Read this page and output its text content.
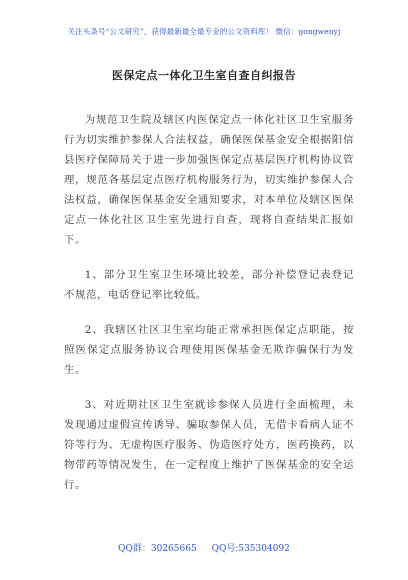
关注头条号“公文研究”，获得最新最全最专业的公文资料库！ 微信：gongwenyj
医保定点一体化卫生室自查自纠报告

为规范卫生院及辖区内医保定点一体化社区卫生室服务行为切实维护参保人合法权益，确保医保基金安全根据阳信县医疗保障局关于进一步加强医保定点基层医疗机构协议管理，规范各基层定点医疗机构服务行为，切实维护参保人合法权益，确保医保基金安全通知要求，对本单位及辖区医保定点一体化社区卫生室先进行自查，现将自查结果汇报如下。

1、部分卫生室卫生环境比较差，部分补偿登记表登记不规范，电话登记率比较低。

2、我辖区社区卫生室均能正常承担医保定点职能，按照医保定点服务协议合理使用医保基金无欺诈骗保行为发生。

3、对近期社区卫生室就诊参保人员进行全面梳理，未发现通过虚假宣传诱导、骗取参保人员，无借卡看病人证不符等行为、无虚构医疗服务、伪造医疗处方，医药换药，以物带药等情况发生，在一定程度上维护了医保基金的安全运行。

QQ群：30265665 QQ号:535304092
